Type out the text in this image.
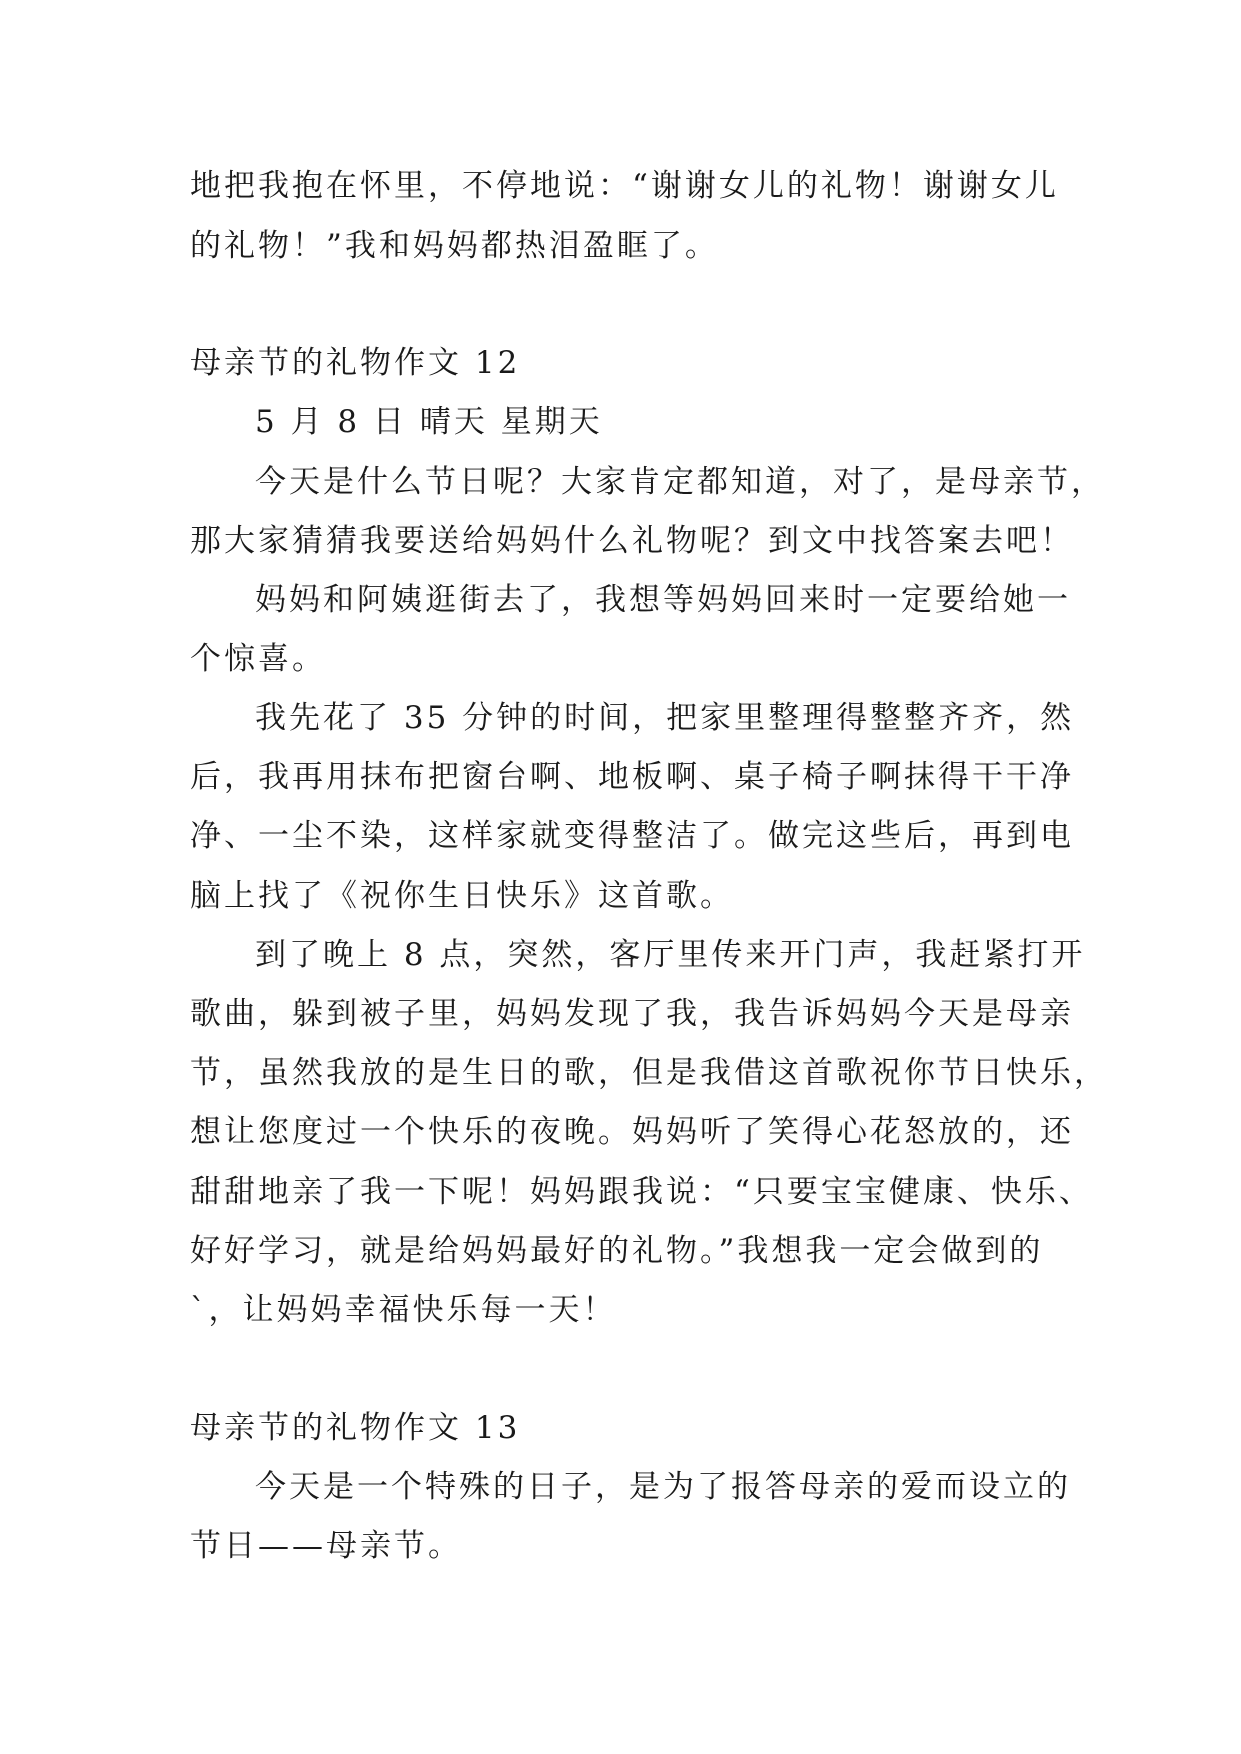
地把我抱在怀里，不停地说：“谢谢女儿的礼物！谢谢女儿
的礼物！”我和妈妈都热泪盈眶了。
母亲节的礼物作文 12
5 月 8 日 晴天 星期天
今天是什么节日呢？大家肯定都知道，对了，是母亲节，
那大家猜猜我要送给妈妈什么礼物呢？到文中找答案去吧！
妈妈和阿姨逛街去了，我想等妈妈回来时一定要给她一
个惊喜。
我先花了 35 分钟的时间，把家里整理得整整齐齐，然
后，我再用抹布把窗台啊、地板啊、桌子椅子啊抹得干干净
净、一尘不染，这样家就变得整洁了。做完这些后，再到电
脑上找了《祝你生日快乐》这首歌。
到了晚上 8 点，突然，客厅里传来开门声，我赶紧打开
歌曲，躲到被子里，妈妈发现了我，我告诉妈妈今天是母亲
节，虽然我放的是生日的歌，但是我借这首歌祝你节日快乐，
想让您度过一个快乐的夜晚。妈妈听了笑得心花怒放的，还
甜甜地亲了我一下呢！妈妈跟我说：“只要宝宝健康、快乐、
好好学习，就是给妈妈最好的礼物。”我想我一定会做到的
`，让妈妈幸福快乐每一天！
母亲节的礼物作文 13
今天是一个特殊的日子，是为了报答母亲的爱而设立的
节日——母亲节。
